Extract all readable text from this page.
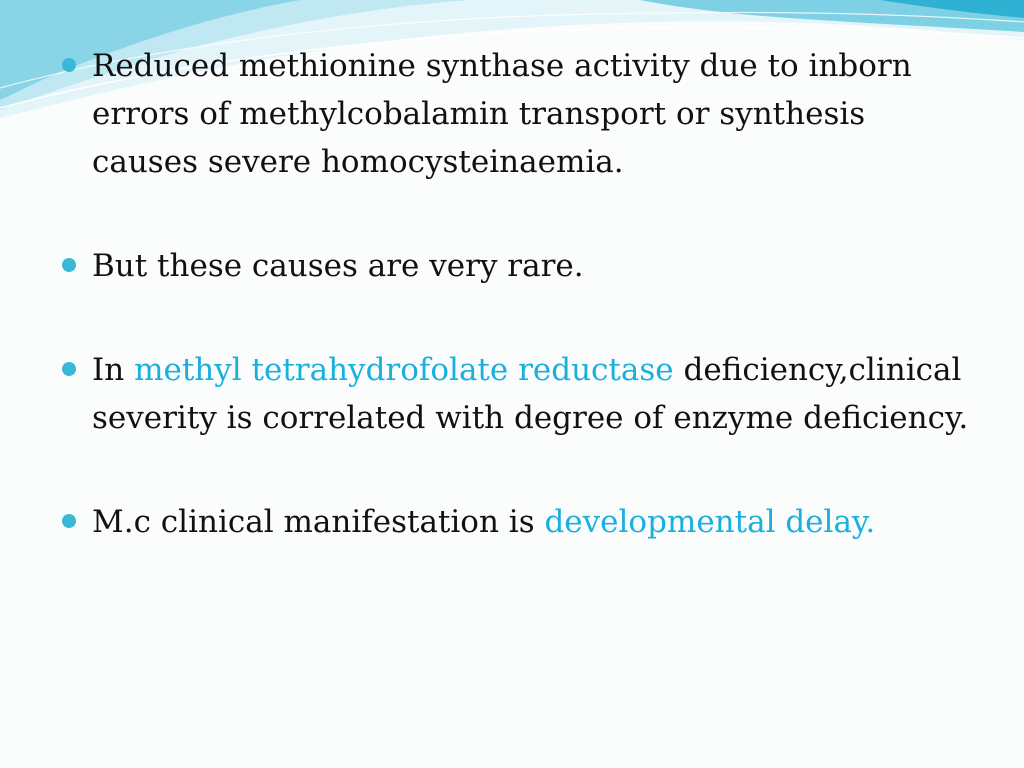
Reduced methionine synthase activity due to inborn errors of methylcobalamin transport or synthesis causes severe homocysteinaemia.
But these causes are very rare.
In methyl tetrahydrofolate reductase deficiency,clinical severity is correlated with degree of enzyme deficiency.
M.c clinical manifestation is developmental delay.
